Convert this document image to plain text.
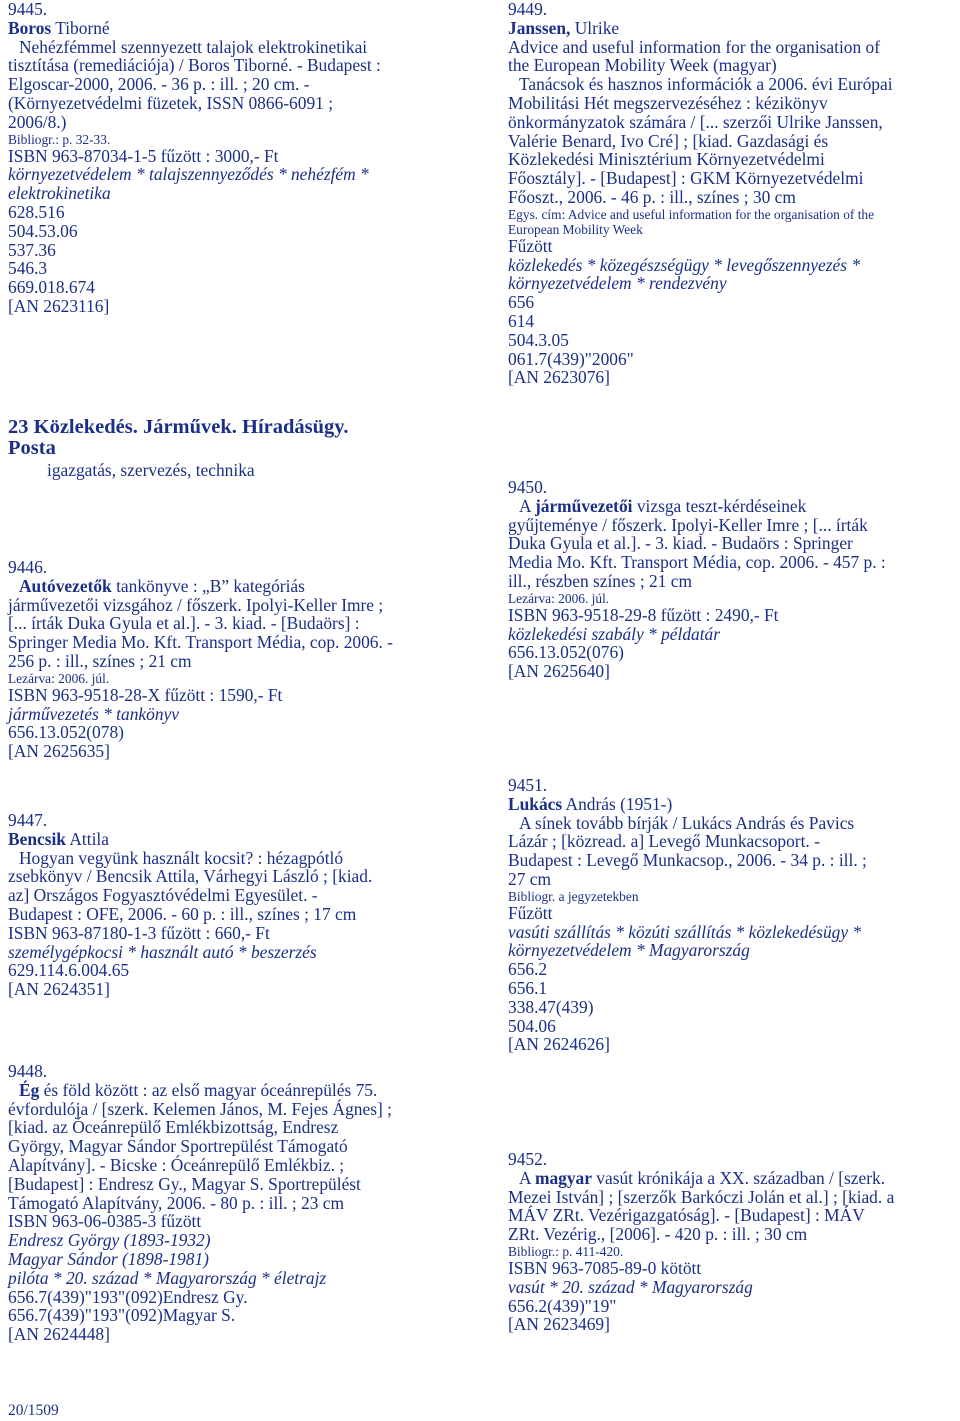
9445.
Boros Tiborné
Nehézfémmel szennyezett talajok elektrokinetikai
tisztítása (remediációja) / Boros Tiborné. - Budapest :
Elgoscar-2000, 2006. - 36 p. : ill. ; 20 cm. -
(Környezetvédelmi füzetek, ISSN 0866-6091 ;
2006/8.)
Bibliogr.: p. 32-33.
ISBN 963-87034-1-5 fűzött : 3000,- Ft
környezetvédelem * talajszennyeződés * nehézfém *
elektrokinetika
628.516
504.53.06
537.36
546.3
669.018.674
[AN 2623116]
9446.
Autóvezetők tankönyve : „B” kategóriás
járművezetői vizsgához / főszerk. Ipolyi-Keller Imre ;
[... írták Duka Gyula et al.]. - 3. kiad. - [Budaörs] :
Springer Media Mo. Kft. Transport Média, cop. 2006. -
256 p. : ill., színes ; 21 cm
Lezárva: 2006. júl.
ISBN 963-9518-28-X fűzött : 1590,- Ft
járművezetés * tankönyv
656.13.052(078)
[AN 2625635]
9447.
Bencsik Attila
Hogyan vegyünk használt kocsit? : hézagpótló
zsebkönyv / Bencsik Attila, Várhegyi László ; [kiad.
az] Országos Fogyasztóvédelmi Egyesület. -
Budapest : OFE, 2006. - 60 p. : ill., színes ; 17 cm
ISBN 963-87180-1-3 fűzött : 660,- Ft
személygépkocsi * használt autó * beszerzés
629.114.6.004.65
[AN 2624351]
9448.
Ég és föld között : az első magyar óceánrepülés 75.
évfordulója / [szerk. Kelemen János, M. Fejes Ágnes] ;
[kiad. az Óceánrepülő Emlékbizottság, Endresz
György, Magyar Sándor Sportrepülést Támogató
Alapítvány]. - Bicske : Óceánrepülő Emlékbiz. ;
[Budapest] : Endresz Gy., Magyar S. Sportrepülést
Támogató Alapítvány, 2006. - 80 p. : ill. ; 23 cm
ISBN 963-06-0385-3 fűzött
Endresz György (1893-1932)
Magyar Sándor (1898-1981)
pilóta * 20. század * Magyarország * életrajz
656.7(439)"193"(092)Endresz Gy.
656.7(439)"193"(092)Magyar S.
[AN 2624448]
9449.
Janssen, Ulrike
Advice and useful information for the organisation of
the European Mobility Week (magyar)
Tanácsok és hasznos információk a 2006. évi Európai
Mobilitási Hét megszervezéséhez : kézikönyv
önkormányzatok számára / [... szerzői Ulrike Janssen,
Valérie Benard, Ivo Cré] ; [kiad. Gazdasági és
Közlekedési Minisztérium Környezetvédelmi
Főosztály]. - [Budapest] : GKM Környezetvédelmi
Főoszt., 2006. - 46 p. : ill., színes ; 30 cm
Egys. cím: Advice and useful information for the organisation of the
European Mobility Week
Fűzött
közlekedés * közegészségügy * levegőszennyezés *
környezetvédelem * rendezvény
656
614
504.3.05
061.7(439)"2006"
[AN 2623076]
9450.
A járművezetői vizsga teszt-kérdéseinek
gyűjteménye / főszerk. Ipolyi-Keller Imre ; [... írták
Duka Gyula et al.]. - 3. kiad. - Budaörs : Springer
Media Mo. Kft. Transport Média, cop. 2006. - 457 p. :
ill., részben színes ; 21 cm
Lezárva: 2006. júl.
ISBN 963-9518-29-8 fűzött : 2490,- Ft
közlekedési szabály * példatár
656.13.052(076)
[AN 2625640]
9451.
Lukács András (1951-)
A sínek tovább bírják / Lukács András és Pavics
Lázár ; [közread. a] Levegő Munkacsoport. -
Budapest : Levegő Munkacsop., 2006. - 34 p. : ill. ;
27 cm
Bibliogr. a jegyzetekben
Fűzött
vasúti szállítás * közúti szállítás * közlekedésügy *
környezetvédelem * Magyarország
656.2
656.1
338.47(439)
504.06
[AN 2624626]
9452.
A magyar vasút krónikája a XX. században / [szerk.
Mezei István] ; [szerzők Barkóczi Jolán et al.] ; [kiad. a
MÁV ZRt. Vezérigazgatóság]. - [Budapest] : MÁV
ZRt. Vezérig., [2006]. - 420 p. : ill. ; 30 cm
Bibliogr.: p. 411-420.
ISBN 963-7085-89-0 kötött
vasút * 20. század * Magyarország
656.2(439)"19"
[AN 2623469]
23 Közlekedés. Járművek. Híradásügy.
Posta
igazgatás, szervezés, technika
20/1509
